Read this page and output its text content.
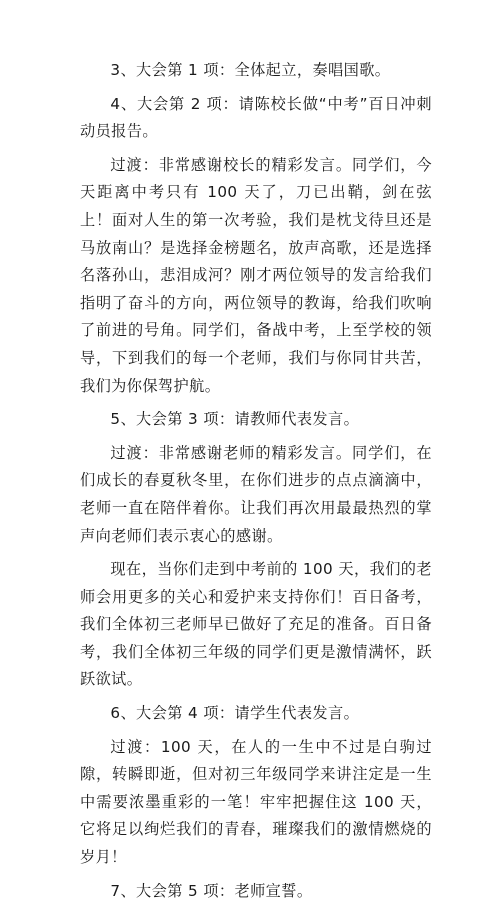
3、大会第 1 项：全体起立，奏唱国歌。

4、大会第 2 项：请陈校长做“中考”百日冲刺动员报告。

过渡：非常感谢校长的精彩发言。同学们，今天距离中考只有 100 天了，刀已出鞘，剑在弦上！面对人生的第一次考验，我们是枕戈待旦还是马放南山？是选择金榜题名，放声高歌，还是选择名落孙山，悲泪成河？刚才两位领导的发言给我们指明了奋斗的方向，两位领导的教诲，给我们吹响了前进的号角。同学们，备战中考，上至学校的领导，下到我们的每一个老师，我们与你同甘共苦，我们为你保驾护航。

5、大会第 3 项：请教师代表发言。

过渡：非常感谢老师的精彩发言。同学们，在们成长的春夏秋冬里，在你们进步的点点滴滴中，老师一直在陪伴着你。让我们再次用最最热烈的掌声向老师们表示衷心的感谢。

现在，当你们走到中考前的 100 天，我们的老师会用更多的关心和爱护来支持你们！百日备考，我们全体初三老师早已做好了充足的准备。百日备考，我们全体初三年级的同学们更是激情满怀，跃跃欲试。

6、大会第 4 项：请学生代表发言。

过渡：100 天，在人的一生中不过是白驹过隙，转瞬即逝，但对初三年级同学来讲注定是一生中需要浓墨重彩的一笔！牢牢把握住这 100 天，它将足以绚烂我们的青春，璀璨我们的激情燃烧的岁月！

7、大会第 5 项：老师宣誓。
